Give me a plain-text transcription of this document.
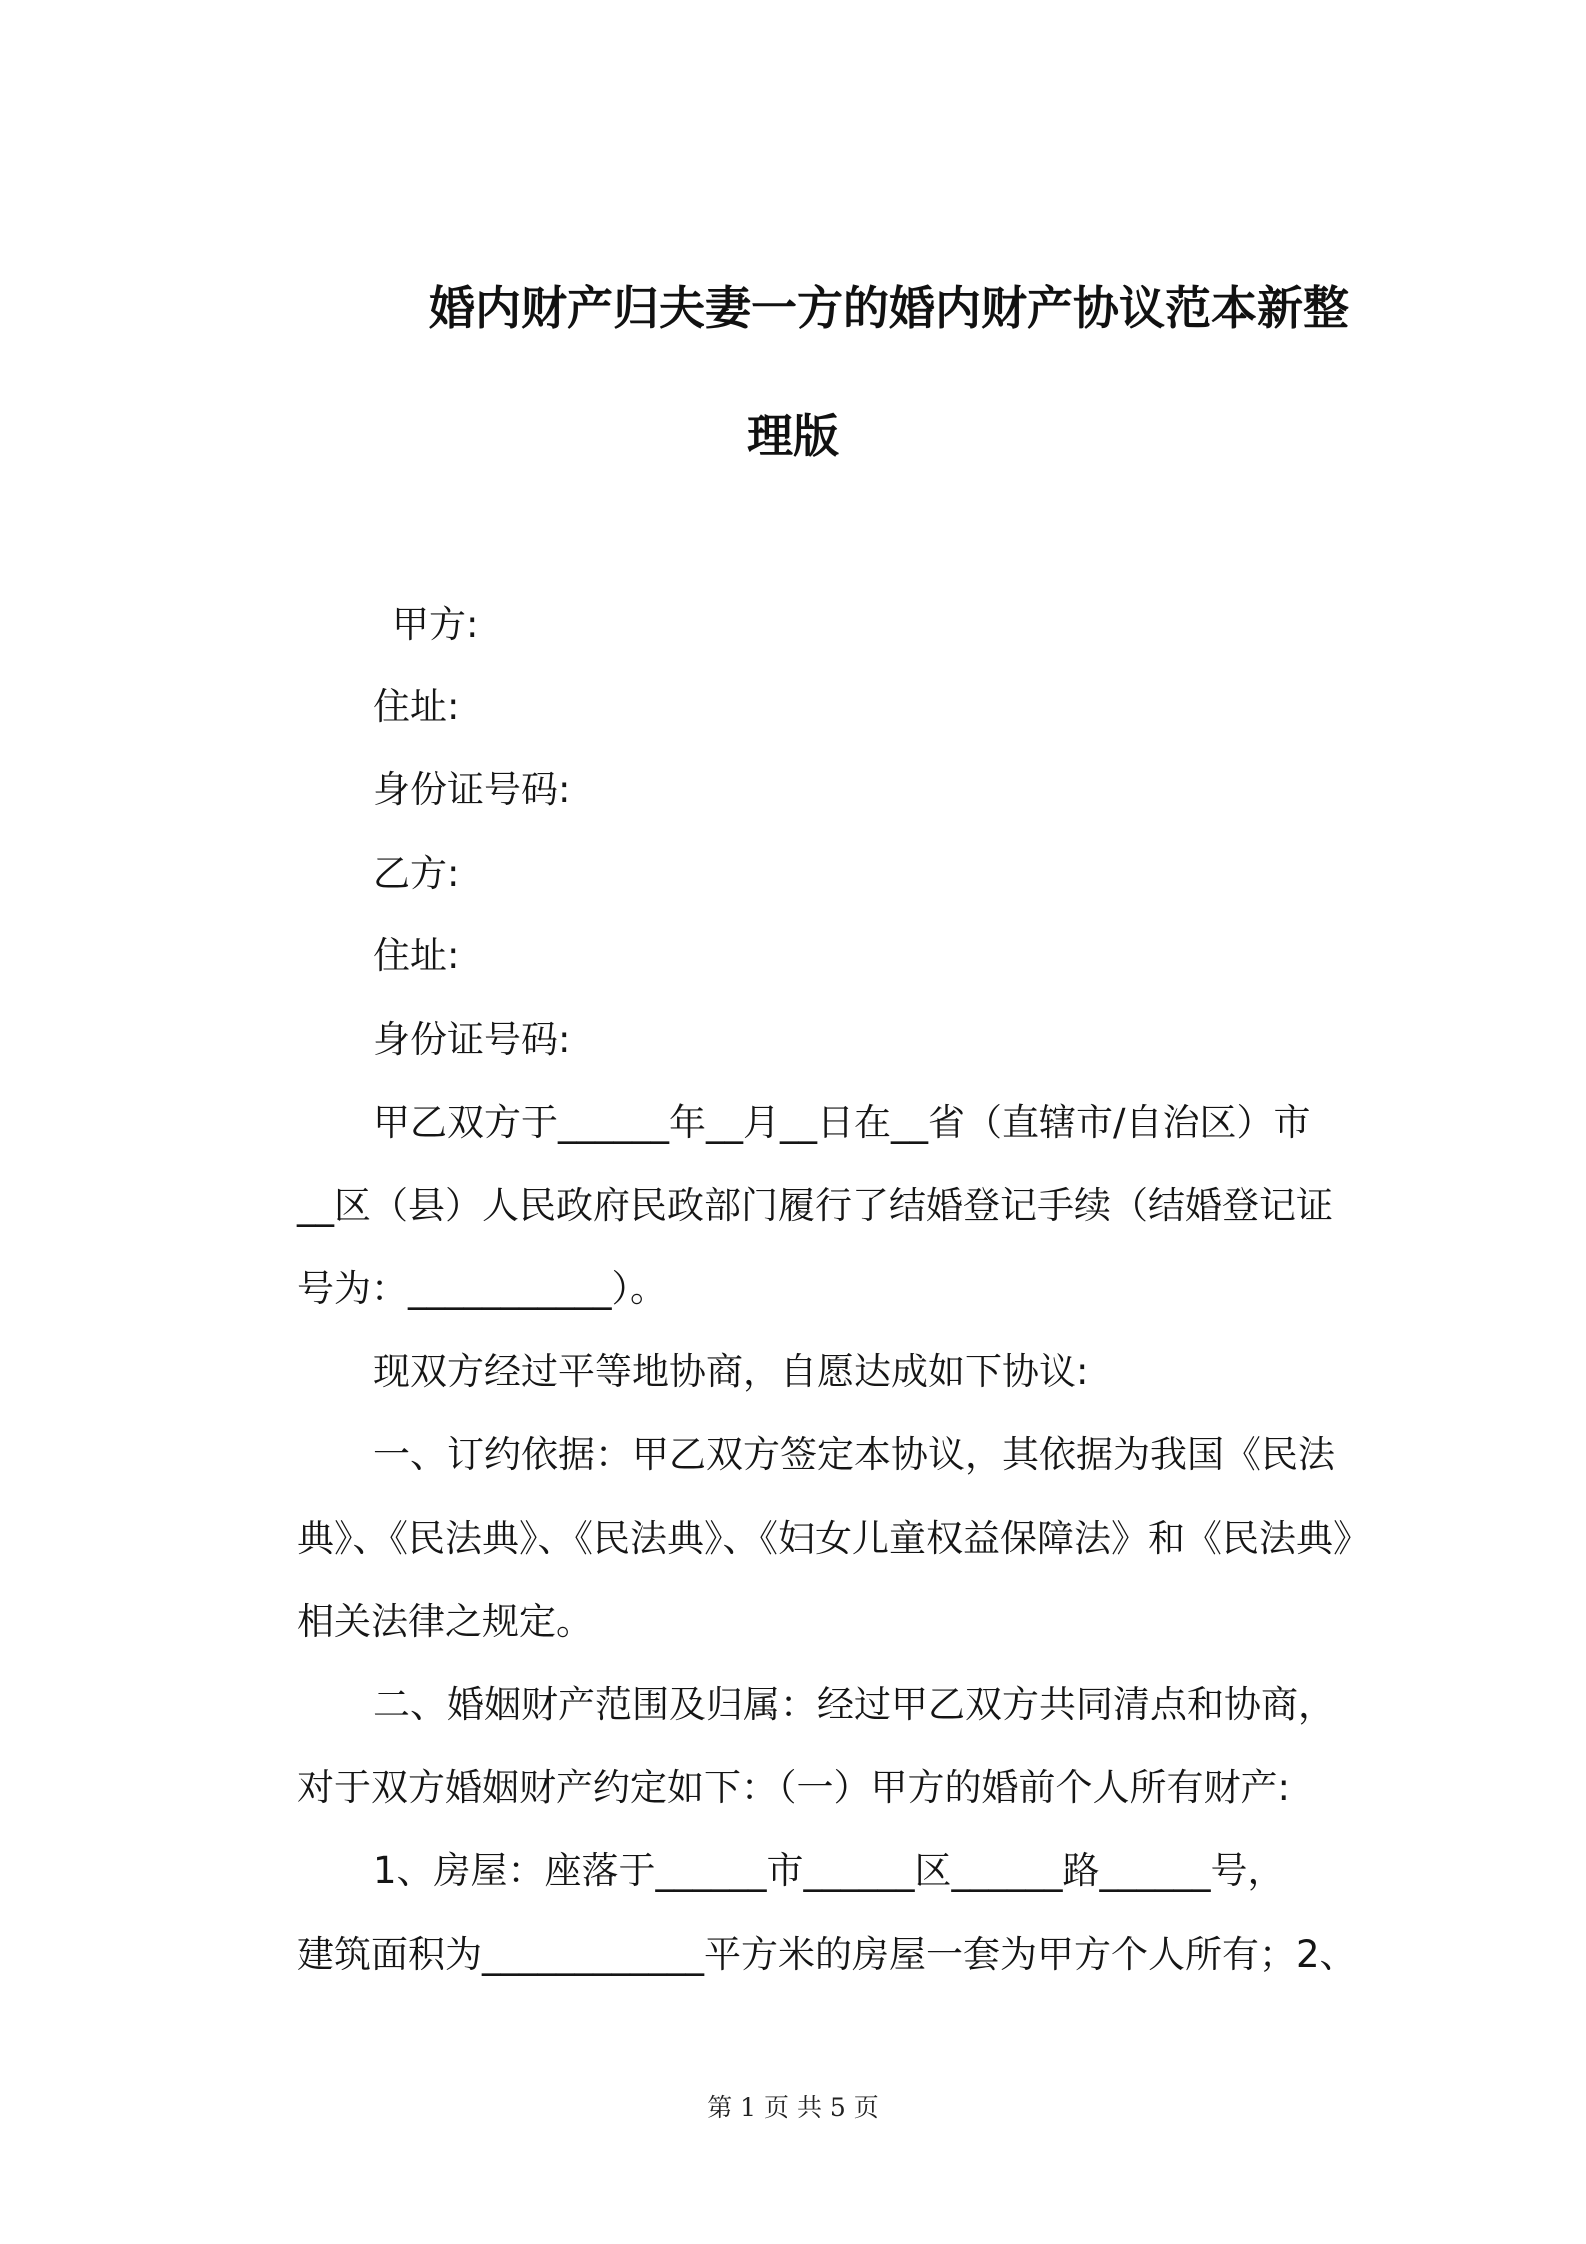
婚内财产归夫妻一方的婚内财产协议范本新整
理版
甲方:
住址:
身份证号码:
乙方:
住址:
身份证号码:
甲乙双方于______年__月__日在__省（直辖市/自治区）市
__区（县）人民政府民政部门履行了结婚登记手续（结婚登记证
号为：___________）。
现双方经过平等地协商，自愿达成如下协议:
一、订约依据：甲乙双方签定本协议，其依据为我国《民法
典》、《民法典》、《民法典》、《妇女儿童权益保障法》和《民法典》
相关法律之规定。
二、婚姻财产范围及归属：经过甲乙双方共同清点和协商，
对于双方婚姻财产约定如下：（一）甲方的婚前个人所有财产:
1、房屋：座落于______市______区______路______号，
建筑面积为____________平方米的房屋一套为甲方个人所有；2、
第 1 页 共 5 页
